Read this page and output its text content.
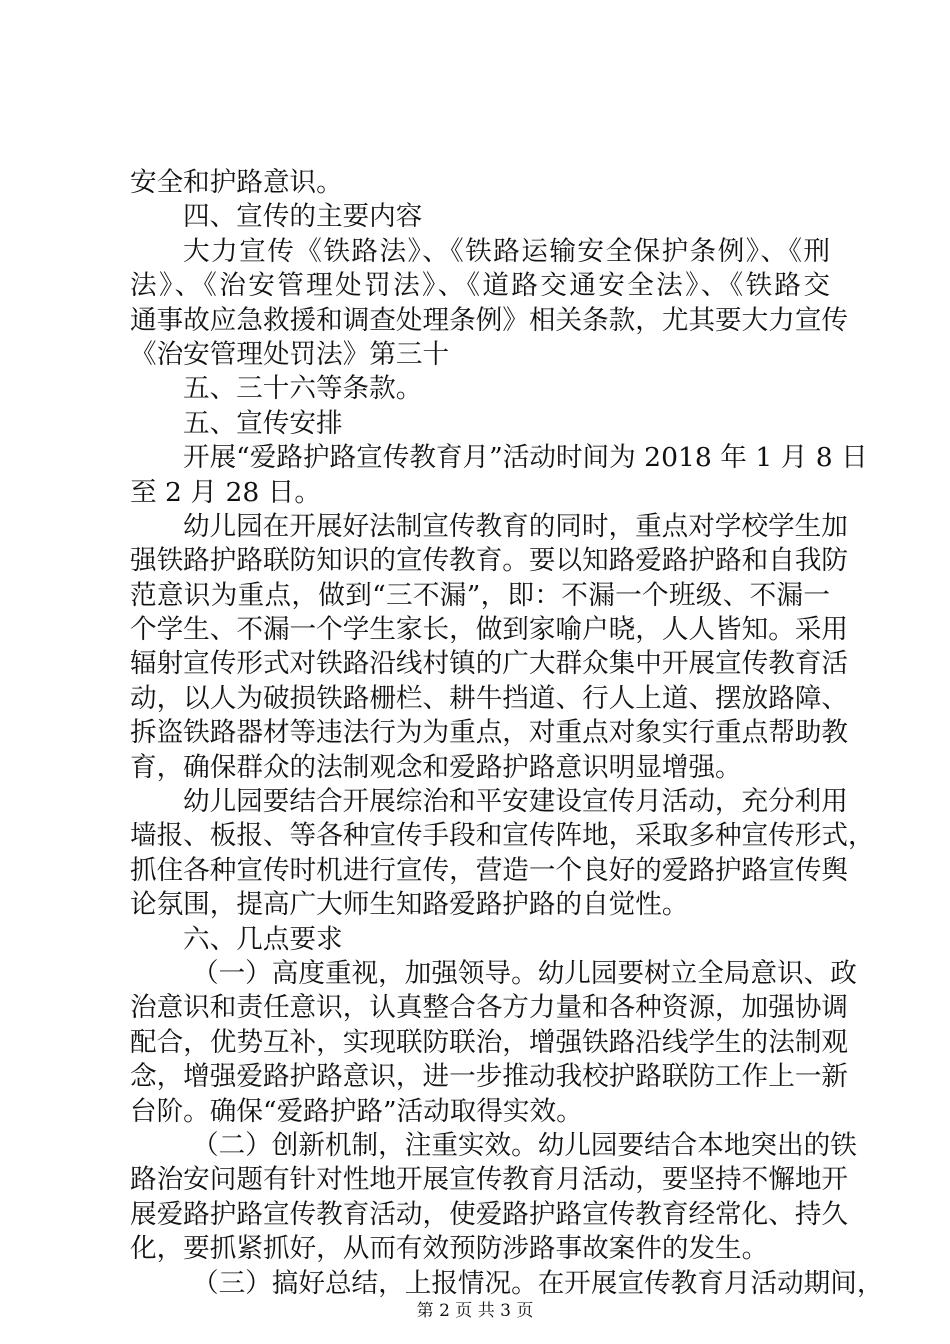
安全和护路意识。
四、宣传的主要内容
大力宣传《铁路法》、《铁路运输安全保护条例》、《刑
法》、《治安管理处罚法》、《道路交通安全法》、《铁路交
通事故应急救援和调查处理条例》相关条款，尤其要大力宣传
《治安管理处罚法》第三十
五、三十六等条款。
五、宣传安排
开展“爱路护路宣传教育月”活动时间为 2018 年 1 月 8 日
至 2 月 28 日。
幼儿园在开展好法制宣传教育的同时，重点对学校学生加
强铁路护路联防知识的宣传教育。要以知路爱路护路和自我防
范意识为重点，做到“三不漏”，即：不漏一个班级、不漏一
个学生、不漏一个学生家长，做到家喻户晓，人人皆知。采用
辐射宣传形式对铁路沿线村镇的广大群众集中开展宣传教育活
动，以人为破损铁路栅栏、耕牛挡道、行人上道、摆放路障、
拆盗铁路器材等违法行为为重点，对重点对象实行重点帮助教
育，确保群众的法制观念和爱路护路意识明显增强。
幼儿园要结合开展综治和平安建设宣传月活动，充分利用
墙报、板报、等各种宣传手段和宣传阵地，采取多种宣传形式，
抓住各种宣传时机进行宣传，营造一个良好的爱路护路宣传舆
论氛围，提高广大师生知路爱路护路的自觉性。
六、几点要求
（一）高度重视，加强领导。幼儿园要树立全局意识、政
治意识和责任意识，认真整合各方力量和各种资源，加强协调
配合，优势互补，实现联防联治，增强铁路沿线学生的法制观
念，增强爱路护路意识，进一步推动我校护路联防工作上一新
台阶。确保“爱路护路”活动取得实效。
（二）创新机制，注重实效。幼儿园要结合本地突出的铁
路治安问题有针对性地开展宣传教育月活动，要坚持不懈地开
展爱路护路宣传教育活动，使爱路护路宣传教育经常化、持久
化，要抓紧抓好，从而有效预防涉路事故案件的发生。
（三）搞好总结，上报情况。在开展宣传教育月活动期间，
第 2 页 共 3 页
